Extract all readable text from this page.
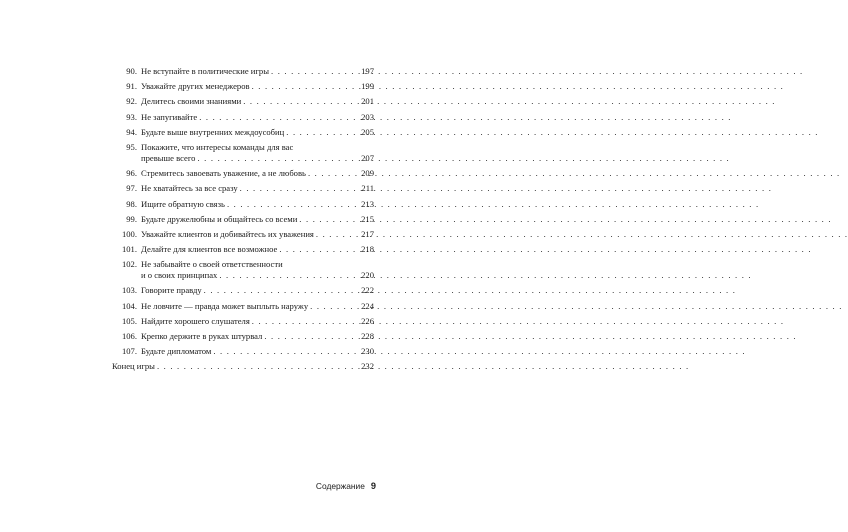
90. Не вступайте в политические игры . . .	197
91. Уважайте других менеджеров . . .	199
92. Делитесь своими знаниями . . .	201
93. Не запугивайте . . .	203
94. Будьте выше внутренних междоусобиц . . .	205
95. Покажите, что интересы команды для вас
превыше всего . . .	207
96. Стремитесь завоевать уважение, а не любовь . . .	209
97. Не хватайтесь за все сразу . . .	211
98. Ищите обратную связь . . .	213
99. Будьте дружелюбны и общайтесь со всеми . . .	215
100. Уважайте клиентов и добивайтесь их уважения . . .	217
101. Делайте для клиентов все возможное . . .	218
102. Не забывайте о своей ответственности
и о своих принципах . . .	220
103. Говорите правду . . .	222
104. Не ловчите — правда может выплыть наружу . . .	224
105. Найдите хорошего слушателя . . .	226
106. Крепко держите в руках штурвал . . .	228
107. Будьте дипломатом . . .	230
Конец игры . . .	232
Содержание 9
